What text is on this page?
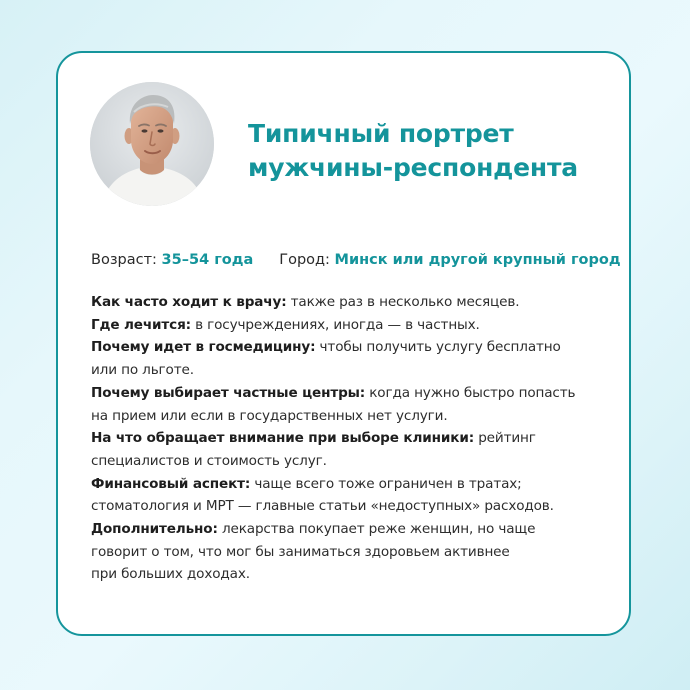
Типичный портрет
мужчины-респондента
Возраст: 35–54 года Город: Минск или другой крупный город
Как часто ходит к врачу: также раз в несколько месяцев.
Где лечится: в госучреждениях, иногда — в частных.
Почему идет в госмедицину: чтобы получить услугу бесплатно
или по льготе.
Почему выбирает частные центры: когда нужно быстро попасть
на прием или если в государственных нет услуги.
На что обращает внимание при выборе клиники: рейтинг
специалистов и стоимость услуг.
Финансовый аспект: чаще всего тоже ограничен в тратах;
стоматология и МРТ — главные статьи «недоступных» расходов.
Дополнительно: лекарства покупает реже женщин, но чаще
говорит о том, что мог бы заниматься здоровьем активнее
при больших доходах.
